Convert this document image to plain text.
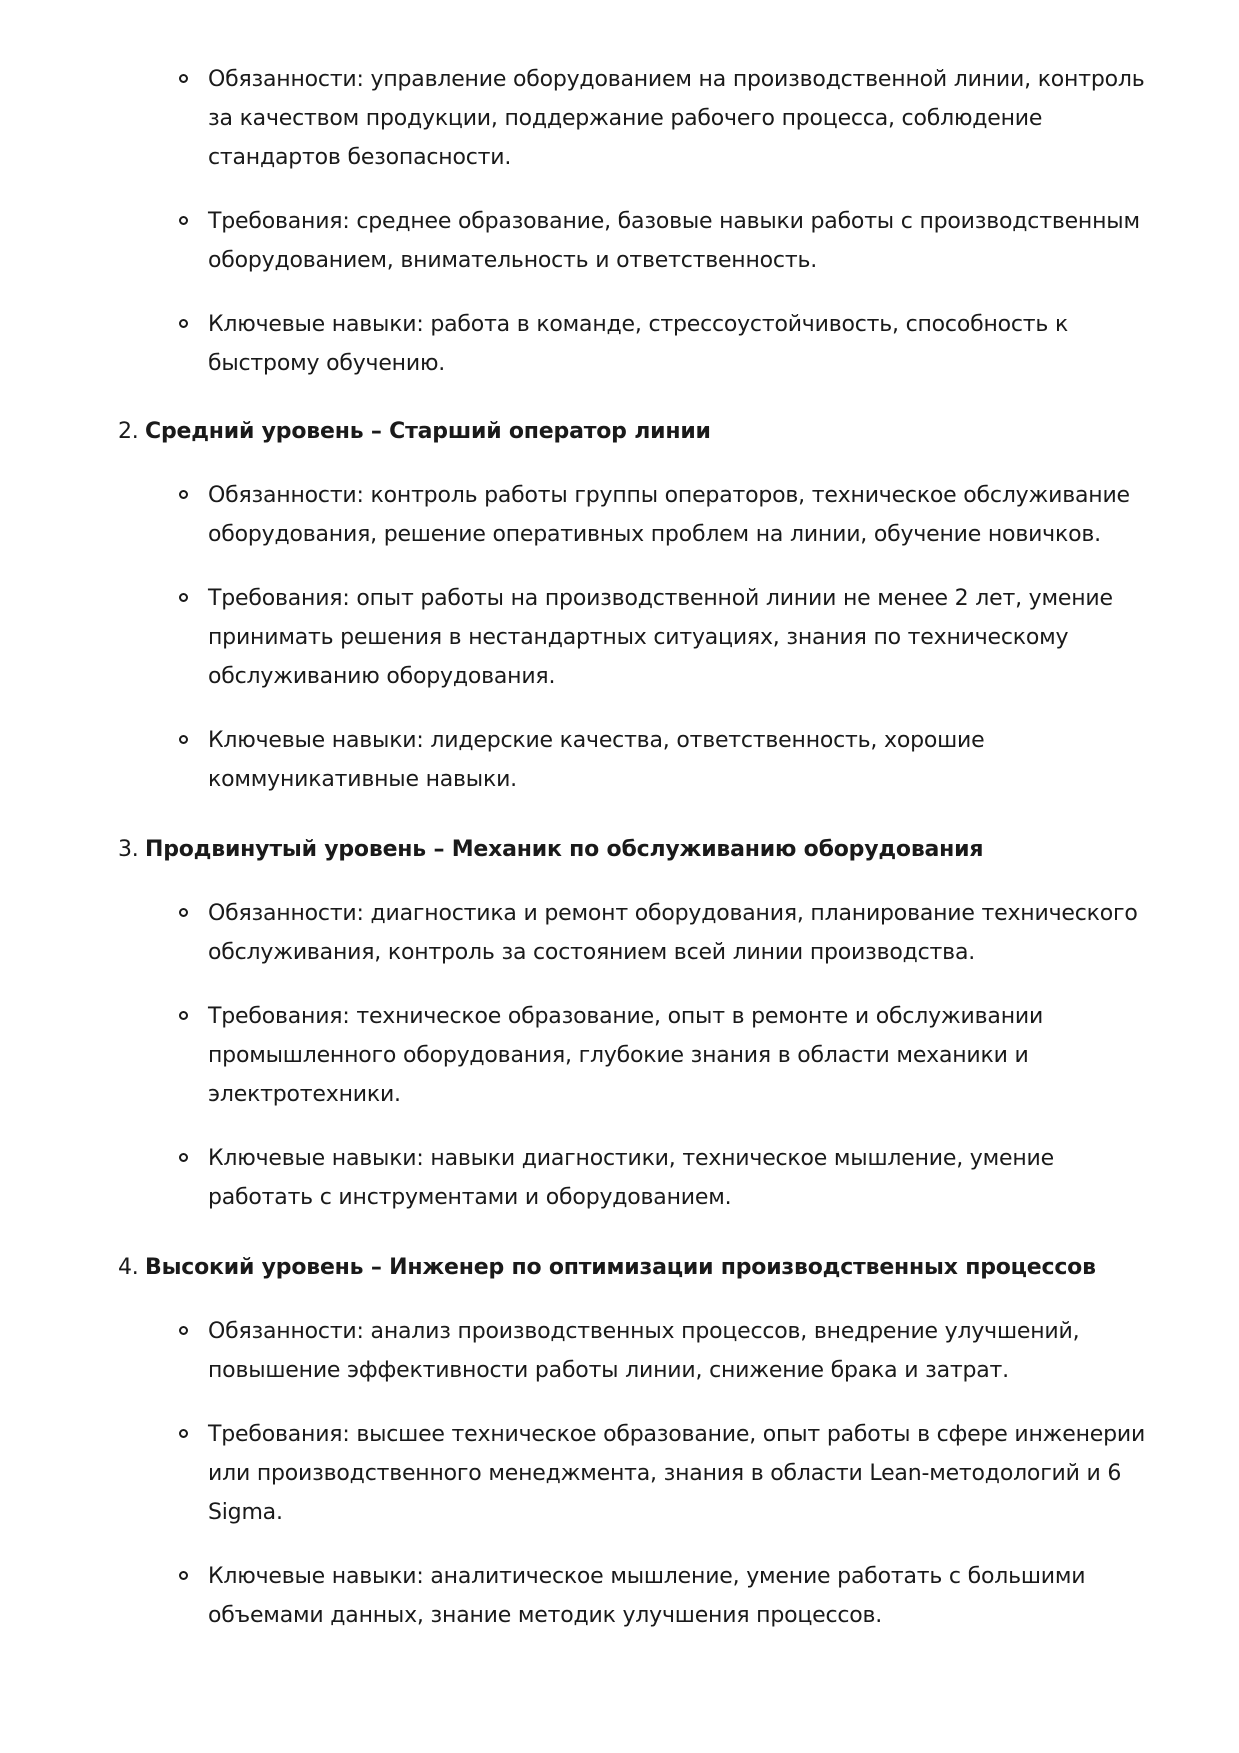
Обязанности: управление оборудованием на производственной линии, контроль за качеством продукции, поддержание рабочего процесса, соблюдение стандартов безопасности.
Требования: среднее образование, базовые навыки работы с производственным оборудованием, внимательность и ответственность.
Ключевые навыки: работа в команде, стрессоустойчивость, способность к быстрому обучению.
2. Средний уровень – Старший оператор линии
Обязанности: контроль работы группы операторов, техническое обслуживание оборудования, решение оперативных проблем на линии, обучение новичков.
Требования: опыт работы на производственной линии не менее 2 лет, умение принимать решения в нестандартных ситуациях, знания по техническому обслуживанию оборудования.
Ключевые навыки: лидерские качества, ответственность, хорошие коммуникативные навыки.
3. Продвинутый уровень – Механик по обслуживанию оборудования
Обязанности: диагностика и ремонт оборудования, планирование технического обслуживания, контроль за состоянием всей линии производства.
Требования: техническое образование, опыт в ремонте и обслуживании промышленного оборудования, глубокие знания в области механики и электротехники.
Ключевые навыки: навыки диагностики, техническое мышление, умение работать с инструментами и оборудованием.
4. Высокий уровень – Инженер по оптимизации производственных процессов
Обязанности: анализ производственных процессов, внедрение улучшений, повышение эффективности работы линии, снижение брака и затрат.
Требования: высшее техническое образование, опыт работы в сфере инженерии или производственного менеджмента, знания в области Lean-методологий и 6 Sigma.
Ключевые навыки: аналитическое мышление, умение работать с большими объемами данных, знание методик улучшения процессов.
